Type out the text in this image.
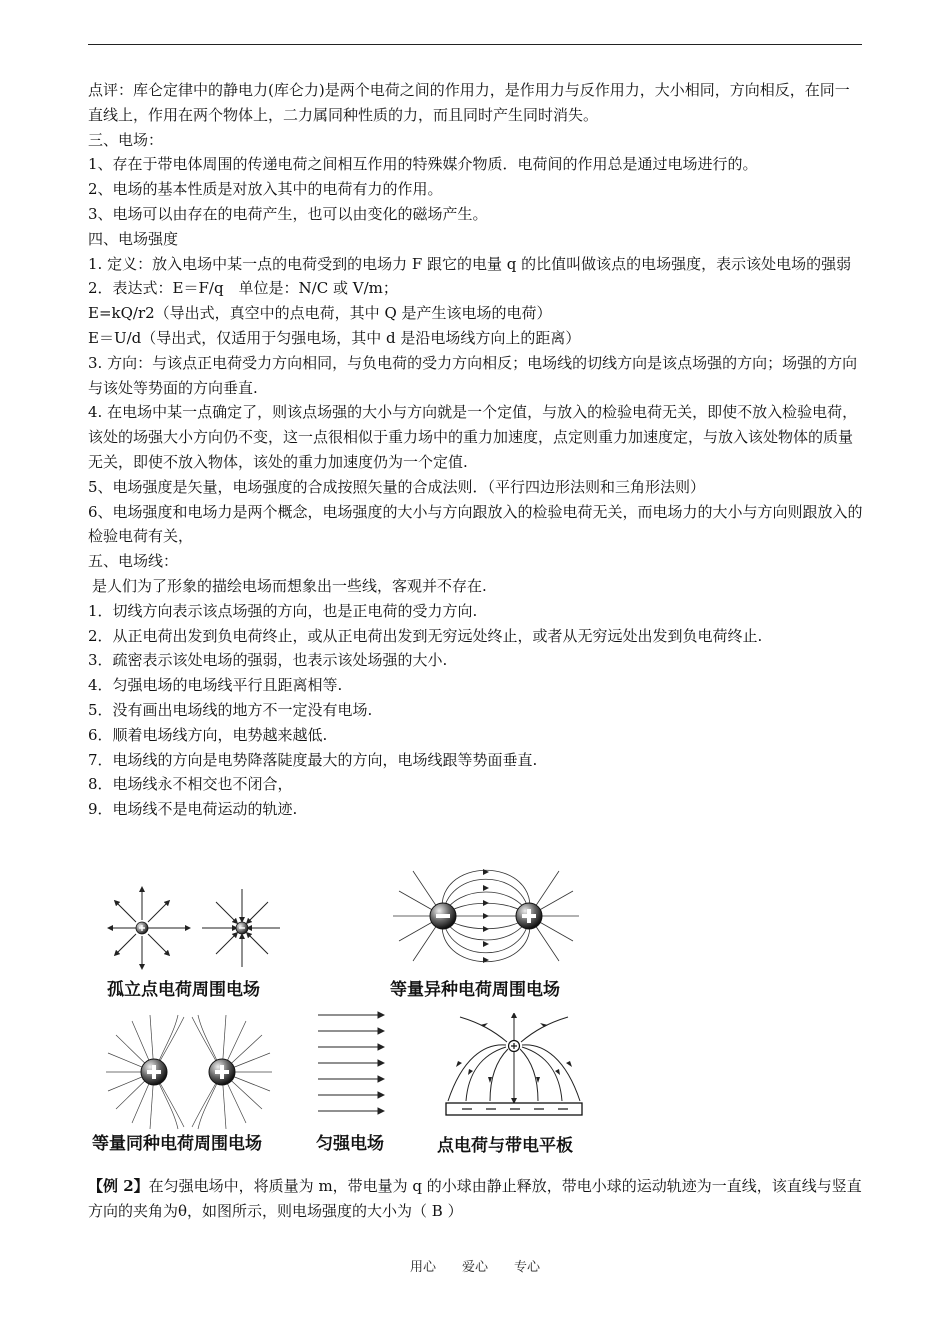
点评：库仑定律中的静电力(库仑力)是两个电荷之间的作用力，是作用力与反作用力，大小相同，方向相反，在同一直线上，作用在两个物体上，二力属同种性质的力，而且同时产生同时消失。

三、电场：

1、存在于带电体周围的传递电荷之间相互作用的特殊媒介物质．电荷间的作用总是通过电场进行的。

2、电场的基本性质是对放入其中的电荷有力的作用。

3、电场可以由存在的电荷产生，也可以由变化的磁场产生。

四、电场强度

1. 定义：放入电场中某一点的电荷受到的电场力 F 跟它的电量 q 的比值叫做该点的电场强度，表示该处电场的强弱

2．表达式：E＝F/q　单位是：N/C 或 V/m；

E=kQ/r2（导出式，真空中的点电荷，其中 Q 是产生该电场的电荷）

E＝U/d（导出式，仅适用于匀强电场，其中 d 是沿电场线方向上的距离）

3. 方向：与该点正电荷受力方向相同，与负电荷的受力方向相反；电场线的切线方向是该点场强的方向；场强的方向与该处等势面的方向垂直.

4. 在电场中某一点确定了，则该点场强的大小与方向就是一个定值，与放入的检验电荷无关，即使不放入检验电荷，该处的场强大小方向仍不变，这一点很相似于重力场中的重力加速度，点定则重力加速度定，与放入该处物体的质量无关，即使不放入物体，该处的重力加速度仍为一个定值.

5、电场强度是矢量，电场强度的合成按照矢量的合成法则．（平行四边形法则和三角形法则）

6、电场强度和电场力是两个概念，电场强度的大小与方向跟放入的检验电荷无关，而电场力的大小与方向则跟放入的检验电荷有关，

五、电场线：

是人们为了形象的描绘电场而想象出一些线，客观并不存在.

1．切线方向表示该点场强的方向，也是正电荷的受力方向.

2．从正电荷出发到负电荷终止，或从正电荷出发到无穷远处终止，或者从无穷远处出发到负电荷终止.

3．疏密表示该处电场的强弱，也表示该处场强的大小.

4．匀强电场的电场线平行且距离相等.

5．没有画出电场线的地方不一定没有电场.

6．顺着电场线方向，电势越来越低.

7．电场线的方向是电势降落陡度最大的方向，电场线跟等势面垂直.

8．电场线永不相交也不闭合，

9．电场线不是电荷运动的轨迹.

孤立点电荷周围电场	等量异种电荷周围电场
等量同种电荷周围电场	匀强电场	点电荷与带电平板

【例 2】在匀强电场中，将质量为 m，带电量为 q 的小球由静止释放，带电小球的运动轨迹为一直线，该直线与竖直方向的夹角为θ，如图所示，则电场强度的大小为（ B ）

用心　　爱心　　专心
